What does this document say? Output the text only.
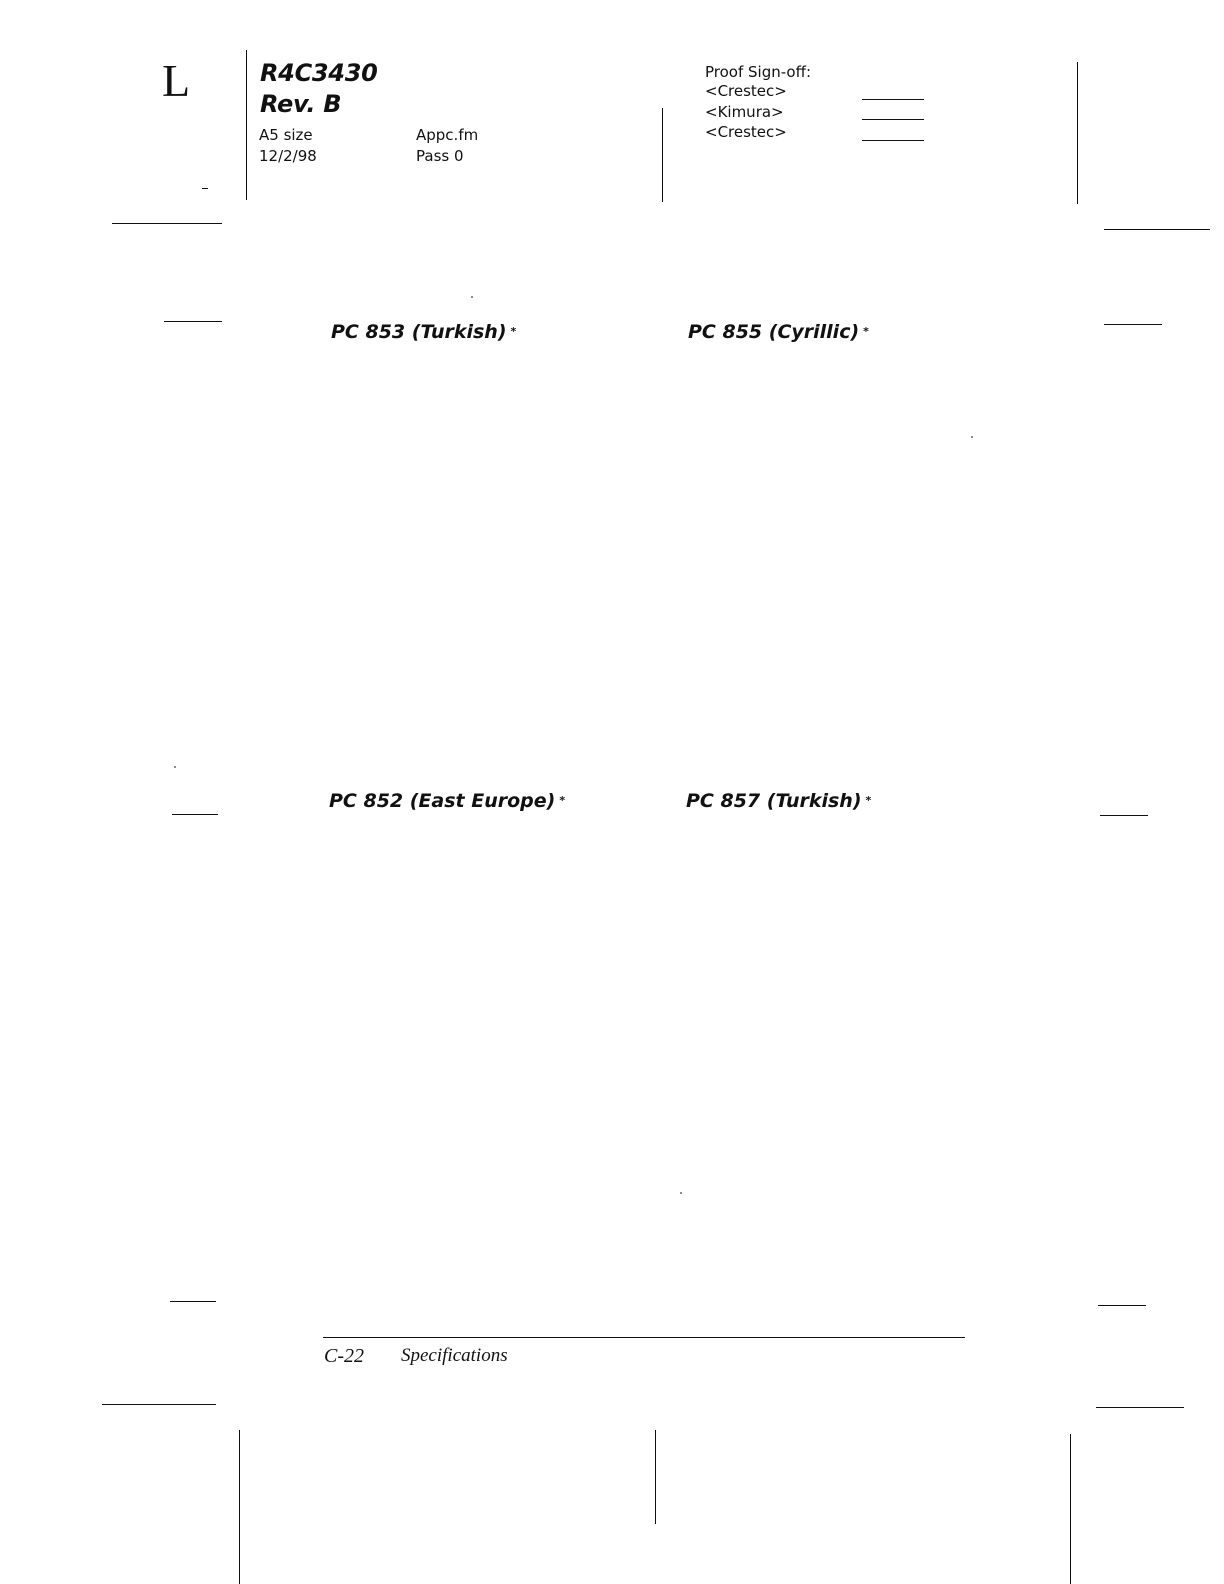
L	R4C3430
Rev. B
A5 size	Appc.fm
12/2/98	Pass 0
Proof Sign-off:
<Crestec>
<Kimura>
<Crestec>
PC 853 (Turkish) *	PC 855 (Cyrillic) *
PC 852 (East Europe) *	PC 857 (Turkish) *
C-22 Specifications
